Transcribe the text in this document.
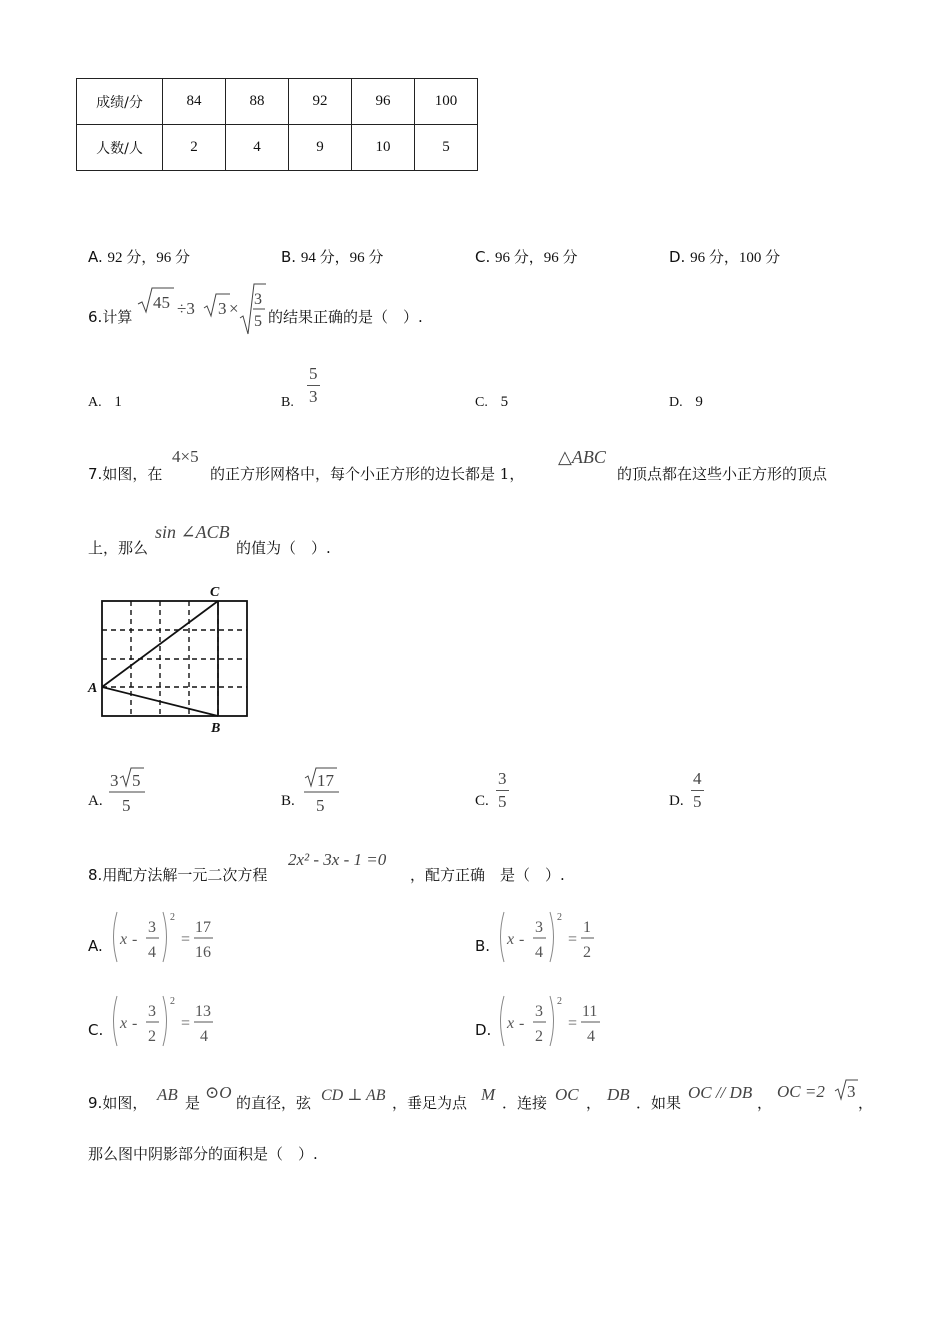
成绩/分	84	88	92	96	100
人数/人	2	4	9	10	5
A. 92 分，96 分	B. 94 分，96 分	C. 96 分，96 分	D. 96 分，100 分
6.计算
45 ÷3 3 × 3
5 的结果正确的是（　）.
A. 1	B. $\frac{5}{3}$	C. 5	D. 9
7.如图，在
4×5
的正方形网格中，每个小正方形的边长都是 1，
△ABC
的顶点都在这些小正方形的顶点
上，那么
sin ∠ACB
的值为（　）.
A
B
C
A.
3 5
5	B.
17
5	C. $\frac{3}{5}$	D. $\frac{4}{5}$
8.用配方法解一元二次方程
2x² - 3x - 1 =0
，配方正确　是（　）.
A. x -
3
4
2
=
17
16	B. x -
3
4
2
=
1
2
C. x -
3
2
2
=
13
4	D. x -
3
2
2
=
11
4
9.如图， AB 是
⊙O
的直径，弦 CD ⊥ AB ，垂足为点 M ．连接 OC ， DB ．如果
OC // DB
，
OC =2 3
，
那么图中阴影部分的面积是（　）.
